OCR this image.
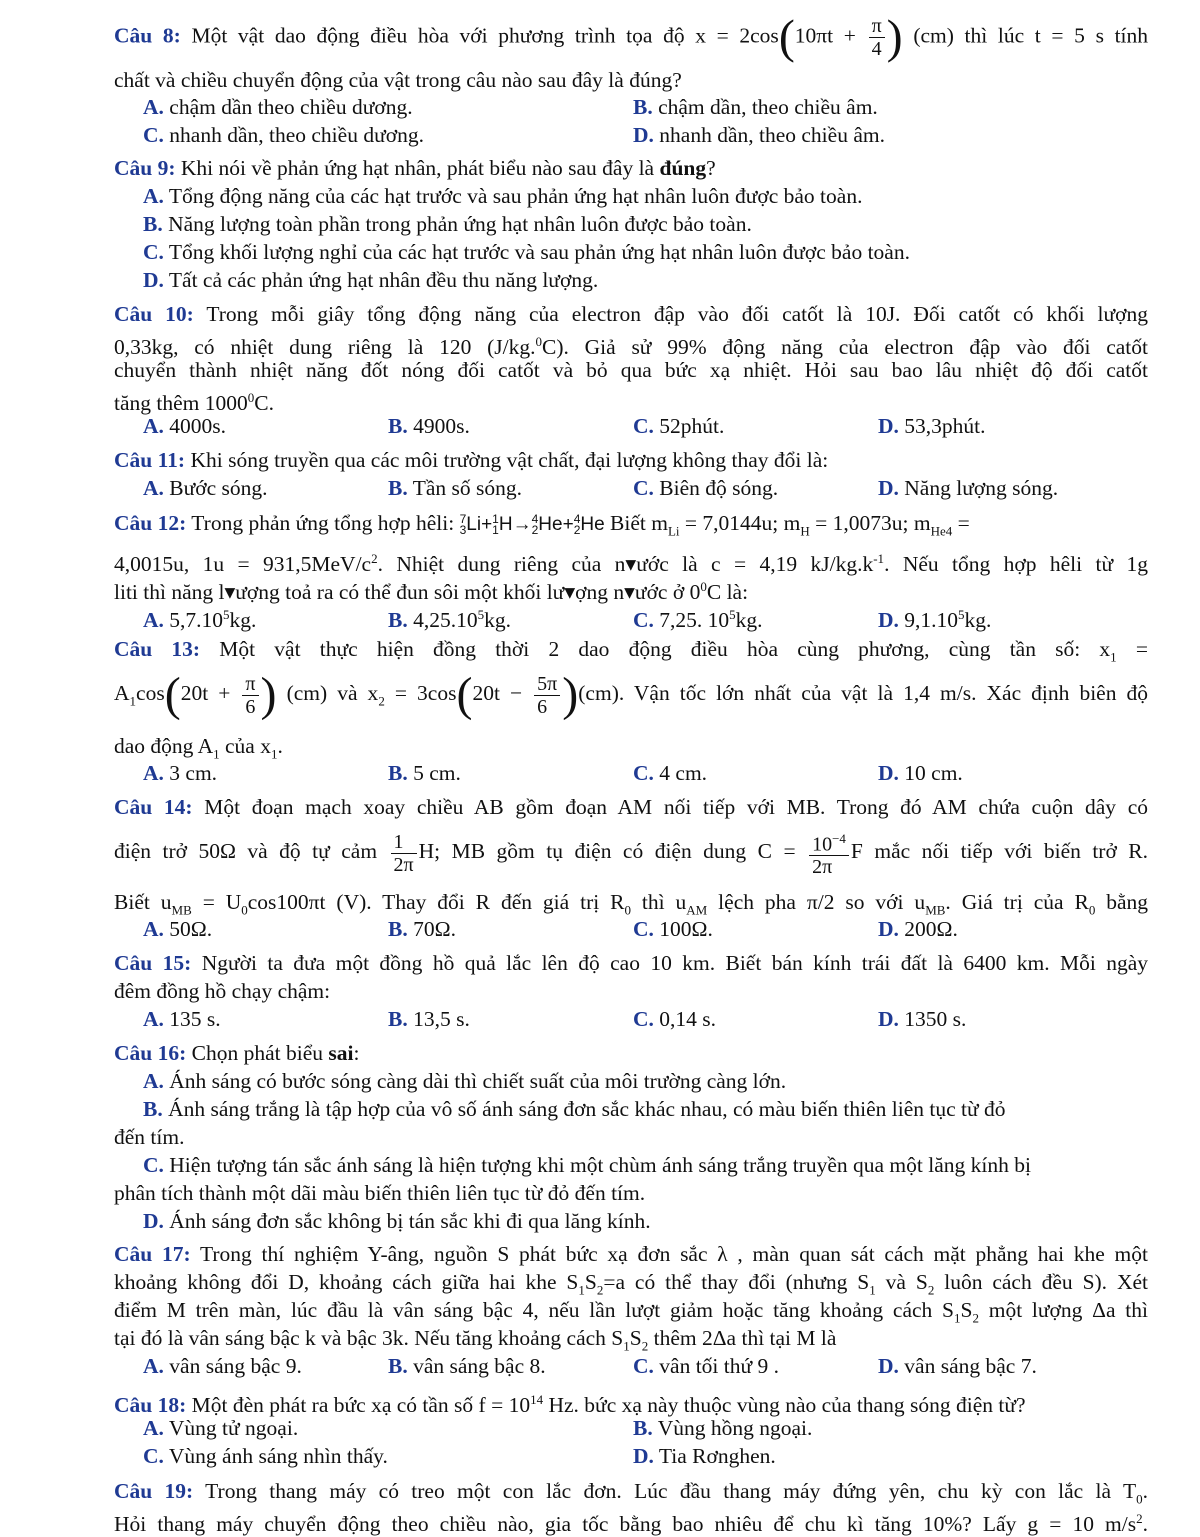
Câu 8: Một vật dao động điều hòa với phương trình tọa độ $x = 2\cos(10\pi t + \frac{\pi}{4}$ ) (cm) thì lúc t = 5 s tính
chất và chiều chuyển động của vật trong câu nào sau đây là đúng?
A. chậm dần theo chiều dương.	B. chậm dần, theo chiều âm.
C. nhanh dần, theo chiều dương.	D. nhanh dần, theo chiều âm.
Câu 9: Khi nói về phản ứng hạt nhân, phát biểu nào sau đây là đúng?
A. Tổng động năng của các hạt trước và sau phản ứng hạt nhân luôn được bảo toàn.
B. Năng lượng toàn phần trong phản ứng hạt nhân luôn được bảo toàn.
C. Tổng khối lượng nghỉ của các hạt trước và sau phản ứng hạt nhân luôn được bảo toàn.
D. Tất cả các phản ứng hạt nhân đều thu năng lượng.
Câu 10: Trong mỗi giây tổng động năng của electron đập vào đối catốt là 10J. Đối catốt có khối lượng
0,33kg, có nhiệt dung riêng là 120 (J/kg.$^0$C). Giả sử 99% động năng của electron đập vào đối catốt
chuyển thành nhiệt năng đốt nóng đối catốt và bỏ qua bức xạ nhiệt. Hỏi sau bao lâu nhiệt độ đối catốt
tăng thêm 1000$^0$C.
A. 4000s.	B. 4900s.	C. 52phút.	D. 53,3phút.
Câu 11: Khi sóng truyền qua các môi trường vật chất, đại lượng không thay đổi là:
A. Bước sóng.	B. Tần số sóng.	C. Biên độ sóng.	D. Năng lượng sóng.
Câu 12: Trong phản ứng tổng hợp hêli: 7
3 Li+ 1
1 H→ 4
2 He+ 4
2 He Biết $m_{Li} = 7,0144u$; $m_H = 1,0073u$; $m_{He4}$ =
4,0015u, $1u = 931,5MeV/c^2$. Nhiệt dung riêng của n▾ước là c = 4,19 $kJ/kg.k^{-1}$. Nếu tổng hợp hêli từ 1g
liti thì năng l▾ượng toả ra có thể đun sôi một khối lư▾ợng n▾ước ở $0^0C$ là:
A. 5,7.10$^5$kg.	B. 4,25.10$^5$kg.	C. 7,25. $10^5kg$.	D. 9,1.10$^5$kg.
Câu 13: Một vật thực hiện đồng thời 2 dao động điều hòa cùng phương, cùng tần số: $x_1$ =
$A_1\cos(20t + \frac{\pi}{6}$ ) (cm) và $x_2 = 3\cos(20t - \frac{5\pi}{6} )(cm)$. Vận tốc lớn nhất của vật là 1,4 m/s. Xác định biên độ
dao động $A_1$ của $x_1$.
A. 3 cm.	B. 5 cm.	C. 4 cm.	D. 10 cm.
Câu 14: Một đoạn mạch xoay chiều AB gồm đoạn AM nối tiếp với MB. Trong đó AM chứa cuộn dây có
điện trở 50Ω và độ tự cảm $\frac{1}{2\pi} H$; MB gồm tụ điện có điện dung $C = \frac{10^{-4}}{2\pi}$ F mắc nối tiếp với biến trở R.
Biết $u_{MB} = U_0\cos 100\pi t$ (V). Thay đổi R đến giá trị $R_0$ thì $u_{AM}$ lệch pha π/2 so với $u_{MB}$. Giá trị của $R_0$ bằng
A. 50Ω.	B. 70Ω.	C. 100Ω.	D. 200Ω.
Câu 15: Người ta đưa một đồng hồ quả lắc lên độ cao 10 km. Biết bán kính trái đất là 6400 km. Mỗi ngày
đêm đồng hồ chạy chậm:
A. 135 s.	B. 13,5 s.	C. 0,14 s.	D. 1350 s.
Câu 16: Chọn phát biểu sai:
A. Ánh sáng có bước sóng càng dài thì chiết suất của môi trường càng lớn.
B. Ánh sáng trắng là tập hợp của vô số ánh sáng đơn sắc khác nhau, có màu biến thiên liên tục từ đỏ
đến tím.
C. Hiện tượng tán sắc ánh sáng là hiện tượng khi một chùm ánh sáng trắng truyền qua một lăng kính bị
phân tích thành một dãi màu biến thiên liên tục từ đỏ đến tím.
D. Ánh sáng đơn sắc không bị tán sắc khi đi qua lăng kính.
Câu 17: Trong thí nghiệm Y-âng, nguồn S phát bức xạ đơn sắc λ , màn quan sát cách mặt phẳng hai khe một
khoảng không đổi D, khoảng cách giữa hai khe $S_1S_2=a$ có thể thay đổi (nhưng $S_1$ và $S_2$ luôn cách đều S). Xét
điểm M trên màn, lúc đầu là vân sáng bậc 4, nếu lần lượt giảm hoặc tăng khoảng cách $S_1S_2$ một lượng Δa thì
tại đó là vân sáng bậc k và bậc 3k. Nếu tăng khoảng cách $S_1S_2$ thêm 2Δa thì tại M là
A. vân sáng bậc 9.	B. vân sáng bậc 8.	C. vân tối thứ 9 .	D. vân sáng bậc 7.
Câu 18: Một đèn phát ra bức xạ có tần số $f = 10^{14}$ Hz. bức xạ này thuộc vùng nào của thang sóng điện từ?
A. Vùng tử ngoại.	B. Vùng hồng ngoại.
C. Vùng ánh sáng nhìn thấy.	D. Tia Rơnghen.
Câu 19: Trong thang máy có treo một con lắc đơn. Lúc đầu thang máy đứng yên, chu kỳ con lắc là $T_0$.
Hỏi thang máy chuyển động theo chiều nào, gia tốc bằng bao nhiêu để chu kì tăng 10%? Lấy g = 10 $m/s^2$.
